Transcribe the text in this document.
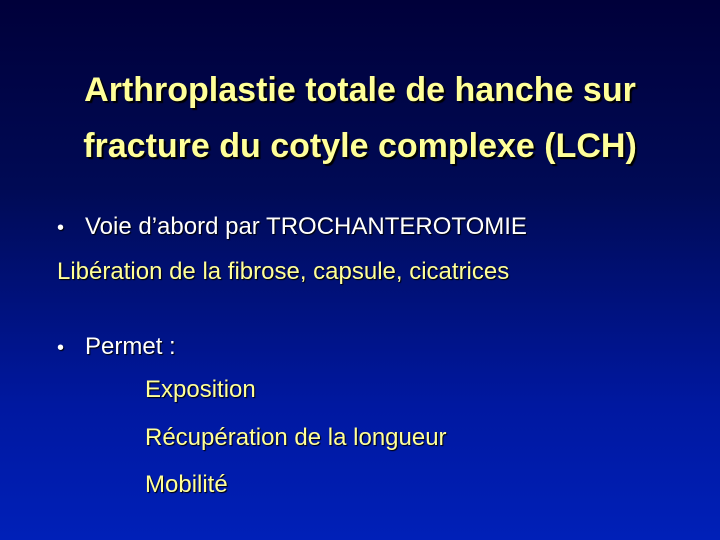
Arthroplastie totale de hanche sur
fracture du cotyle complexe (LCH)
• Voie d’abord par TROCHANTEROTOMIE
Libération de la fibrose, capsule, cicatrices
• Permet :
Exposition
Récupération de la longueur
Mobilité
